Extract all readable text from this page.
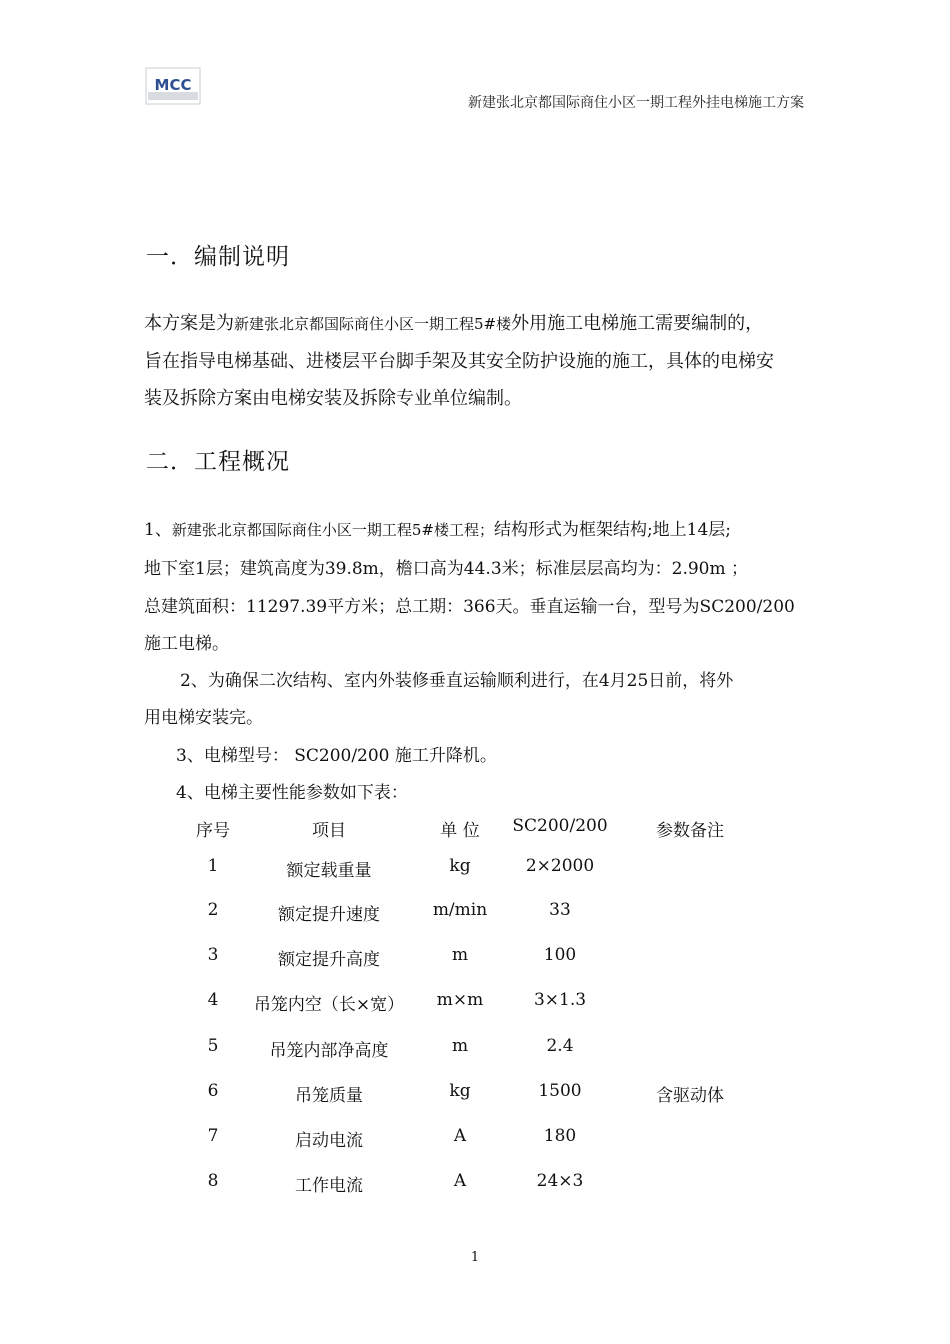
MCC
新建张北京都国际商住小区一期工程外挂电梯施工方案
一．编制说明
本方案是为新建张北京都国际商住小区一期工程5#楼外用施工电梯施工需要编制的，
旨在指导电梯基础、进楼层平台脚手架及其安全防护设施的施工，具体的电梯安
装及拆除方案由电梯安装及拆除专业单位编制。
二．工程概况
1、新建张北京都国际商住小区一期工程5#楼工程；结构形式为框架结构;地上14层;
地下室1层；建筑高度为39.8m，檐口高为44.3米；标准层层高均为：2.90m ；
总建筑面积：11297.39平方米；总工期：366天。垂直运输一台，型号为SC200/200
施工电梯。
2、为确保二次结构、室内外装修垂直运输顺利进行，在4月25日前，将外
用电梯安装完。
3、电梯型号： SC200/200 施工升降机。
4、电梯主要性能参数如下表：
序号	项目	单 位	SC200/200	参数备注
1	额定载重量	kg	2×2000
2	额定提升速度	m/min	33
3	额定提升高度	m	100
4	吊笼内空（长×宽）	m×m	3×1.3
5	吊笼内部净高度	m	2.4
6	吊笼质量	kg	1500	含驱动体
7	启动电流	A	180
8	工作电流	A	24×3
1
